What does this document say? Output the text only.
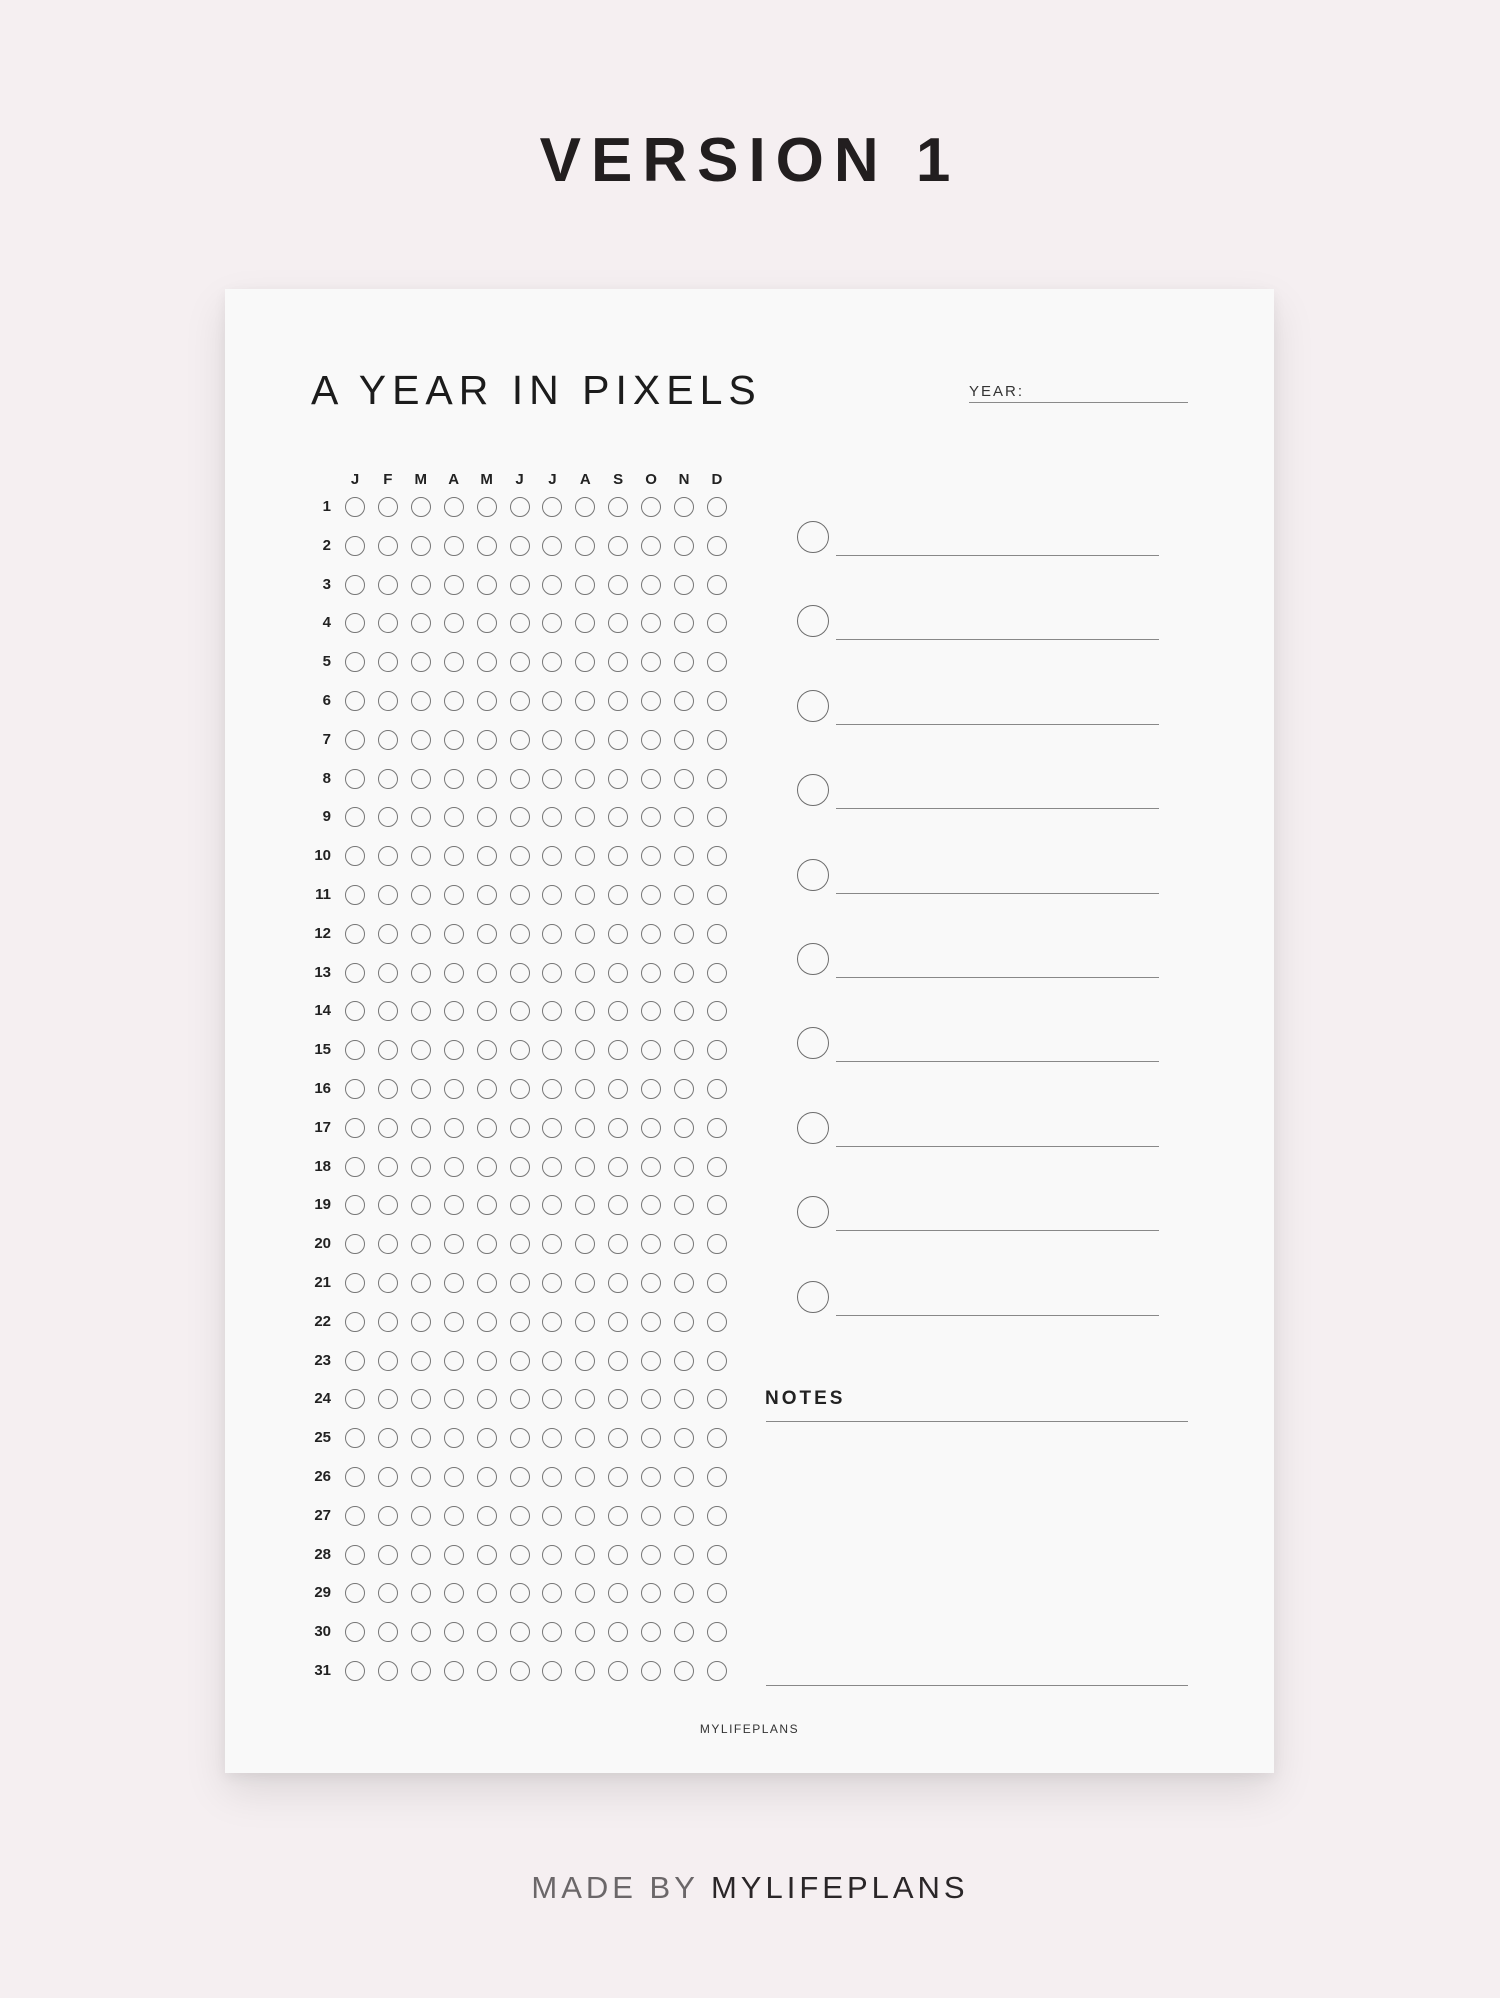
VERSION 1
A YEAR IN PIXELS	YEAR:
J	F	M	A	M	J	J	A	S	O	N	D
1
2
3
4
5
6
7
8
9
10
11
12
13
14
15
16
17
18
19
20
21
22
23
24
25
26
27
28
29
30
31
NOTES
MYLIFEPLANS
MADE BY MYLIFEPLANS
